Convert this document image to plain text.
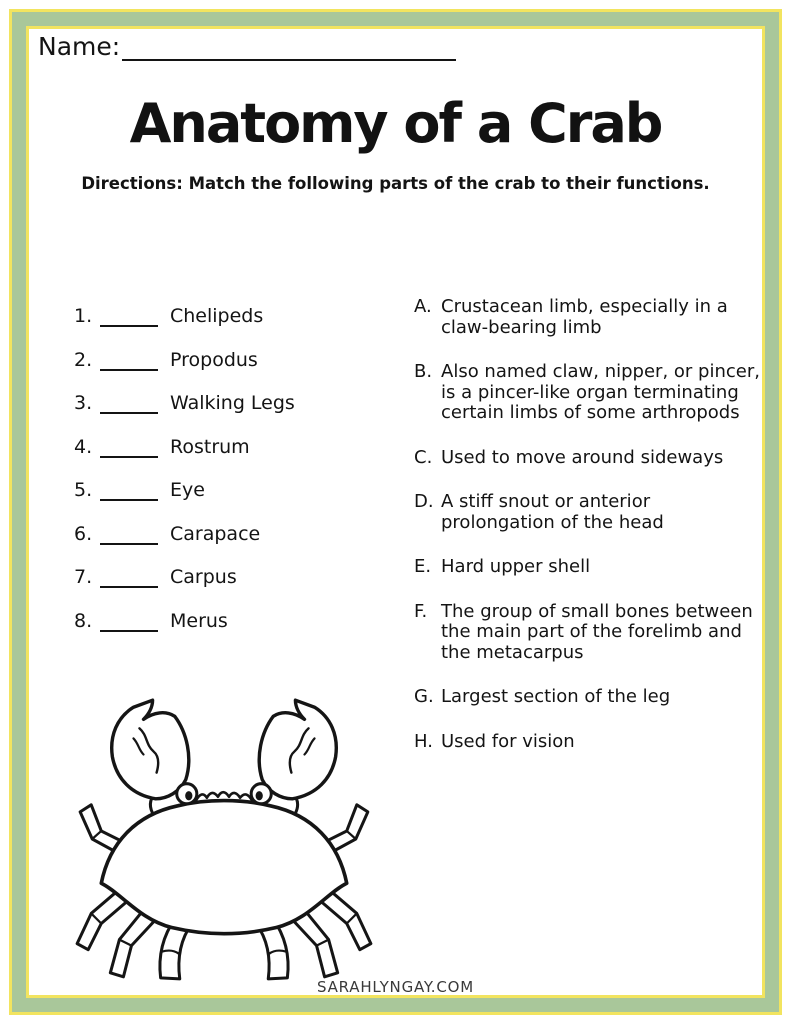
Name:
Anatomy of a Crab
Directions: Match the following parts of the crab to their functions.
1.	Chelipeds
2.	Propodus
3.	Walking Legs
4.	Rostrum
5.	Eye
6.	Carapace
7.	Carpus
8.	Merus
A. Crustacean limb, especially in a claw-bearing limb
B. Also named claw, nipper, or pincer, is a pincer-like organ terminating certain limbs of some arthropods
C. Used to move around sideways
D. A stiff snout or anterior prolongation of the head
E. Hard upper shell
F. The group of small bones between the main part of the forelimb and the metacarpus
G. Largest section of the leg
H. Used for vision
SARAHLYNGAY.COM
